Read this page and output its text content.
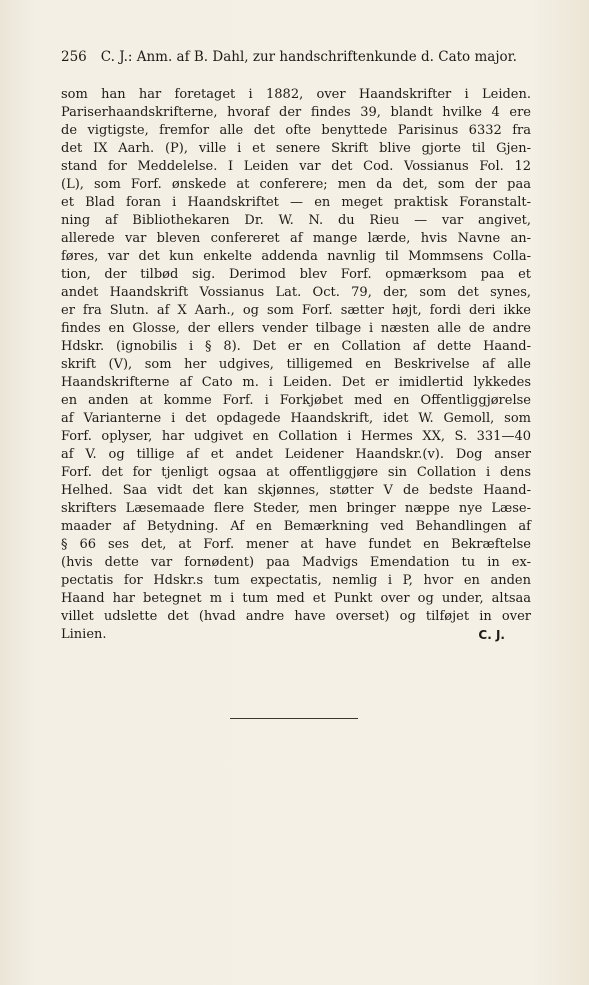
256 C. J.: Anm. af B. Dahl, zur handschriftenkunde d. Cato major.
som han har foretaget i 1882, over Haandskrifter i Leiden.
Pariserhaandskrifterne, hvoraf der findes 39, blandt hvilke 4 ere
de vigtigste, fremfor alle det ofte benyttede Parisinus 6332 fra
det IX Aarh. (P), ville i et senere Skrift blive gjorte til Gjen-
stand for Meddelelse. I Leiden var det Cod. Vossianus Fol. 12
(L), som Forf. ønskede at conferere; men da det, som der paa
et Blad foran i Haandskriftet — en meget praktisk Foranstalt-
ning af Bibliothekaren Dr. W. N. du Rieu — var angivet,
allerede var bleven confereret af mange lærde, hvis Navne an-
føres, var det kun enkelte addenda navnlig til Mommsens Colla-
tion, der tilbød sig. Derimod blev Forf. opmærksom paa et
andet Haandskrift Vossianus Lat. Oct. 79, der, som det synes,
er fra Slutn. af X Aarh., og som Forf. sætter højt, fordi deri ikke
findes en Glosse, der ellers vender tilbage i næsten alle de andre
Hdskr. (ignobilis i § 8). Det er en Collation af dette Haand-
skrift (V), som her udgives, tilligemed en Beskrivelse af alle
Haandskrifterne af Cato m. i Leiden. Det er imidlertid lykkedes
en anden at komme Forf. i Forkjøbet med en Offentliggjørelse
af Varianterne i det opdagede Haandskrift, idet W. Gemoll, som
Forf. oplyser, har udgivet en Collation i Hermes XX, S. 331—40
af V. og tillige af et andet Leidener Haandskr.(v). Dog anser
Forf. det for tjenligt ogsaa at offentliggjøre sin Collation i dens
Helhed. Saa vidt det kan skjønnes, støtter V de bedste Haand-
skrifters Læsemaade flere Steder, men bringer næppe nye Læse-
maader af Betydning. Af en Bemærkning ved Behandlingen af
§ 66 ses det, at Forf. mener at have fundet en Bekræftelse
(hvis dette var fornødent) paa Madvigs Emendation tu in ex-
pectatis for Hdskr.s tum expectatis, nemlig i P, hvor en anden
Haand har betegnet m i tum med et Punkt over og under, altsaa
villet udslette det (hvad andre have overset) og tilføjet in over
Linien.	C. J.
